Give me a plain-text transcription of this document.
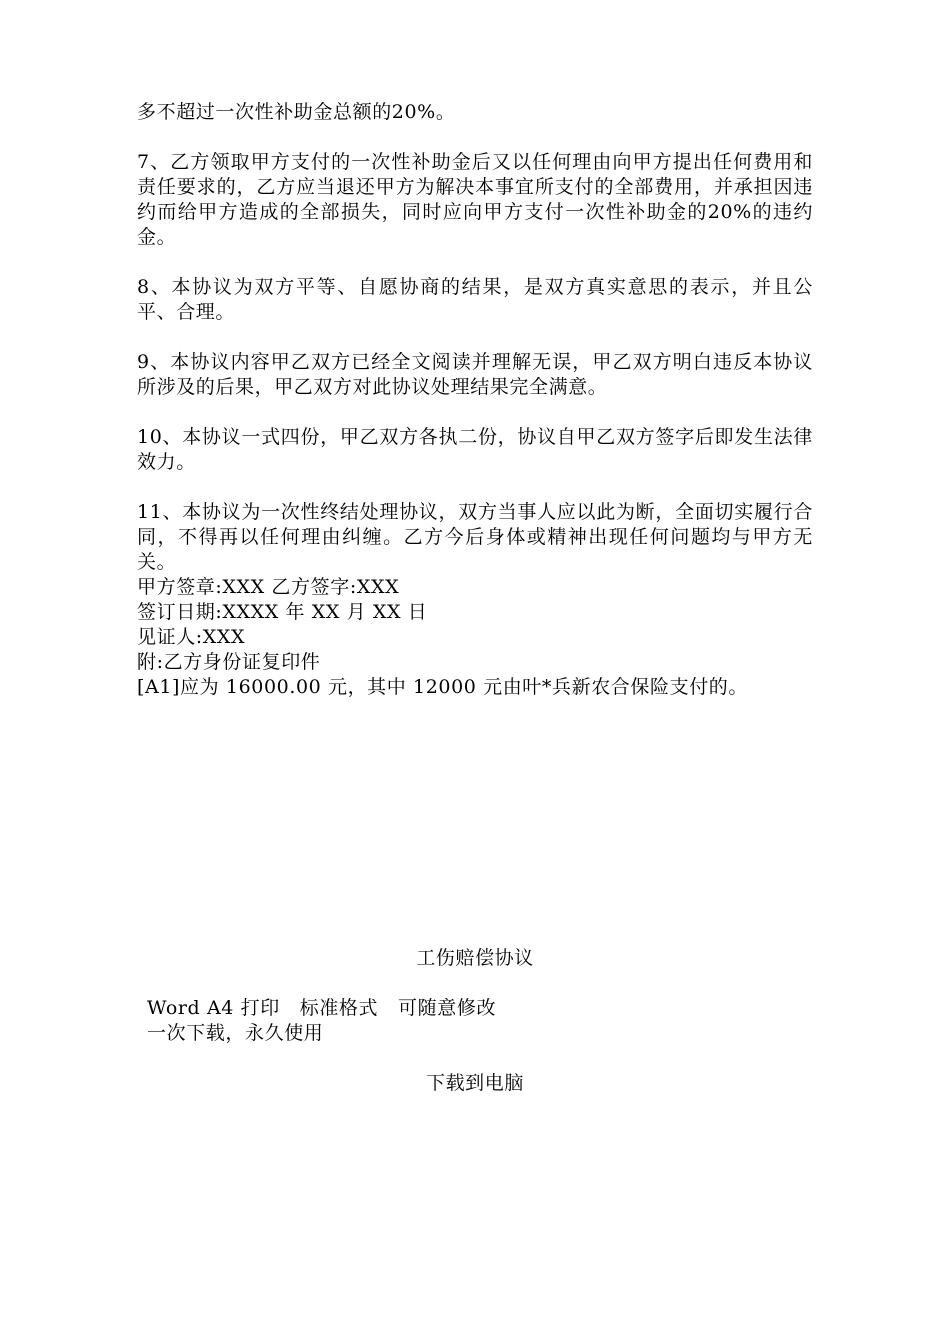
多不超过一次性补助金总额的20%。

7、乙方领取甲方支付的一次性补助金后又以任何理由向甲方提出任何费用和责任要求的，乙方应当退还甲方为解决本事宜所支付的全部费用，并承担因违约而给甲方造成的全部损失，同时应向甲方支付一次性补助金的20%的违约金。

8、本协议为双方平等、自愿协商的结果，是双方真实意思的表示，并且公平、合理。

9、本协议内容甲乙双方已经全文阅读并理解无误，甲乙双方明白违反本协议所涉及的后果，甲乙双方对此协议处理结果完全满意。

10、本协议一式四份，甲乙双方各执二份，协议自甲乙双方签字后即发生法律效力。

11、本协议为一次性终结处理协议，双方当事人应以此为断，全面切实履行合同，不得再以任何理由纠缠。乙方今后身体或精神出现任何问题均与甲方无关。

甲方签章:XXX 乙方签字:XXX

签订日期:XXXX 年 XX 月 XX 日

见证人:XXX

附:乙方身份证复印件

[A1]应为 16000.00 元，其中 12000 元由叶*兵新农合保险支付的。

工伤赔偿协议

Word A4 打印   标准格式   可随意修改

一次下载，永久使用

下载到电脑
